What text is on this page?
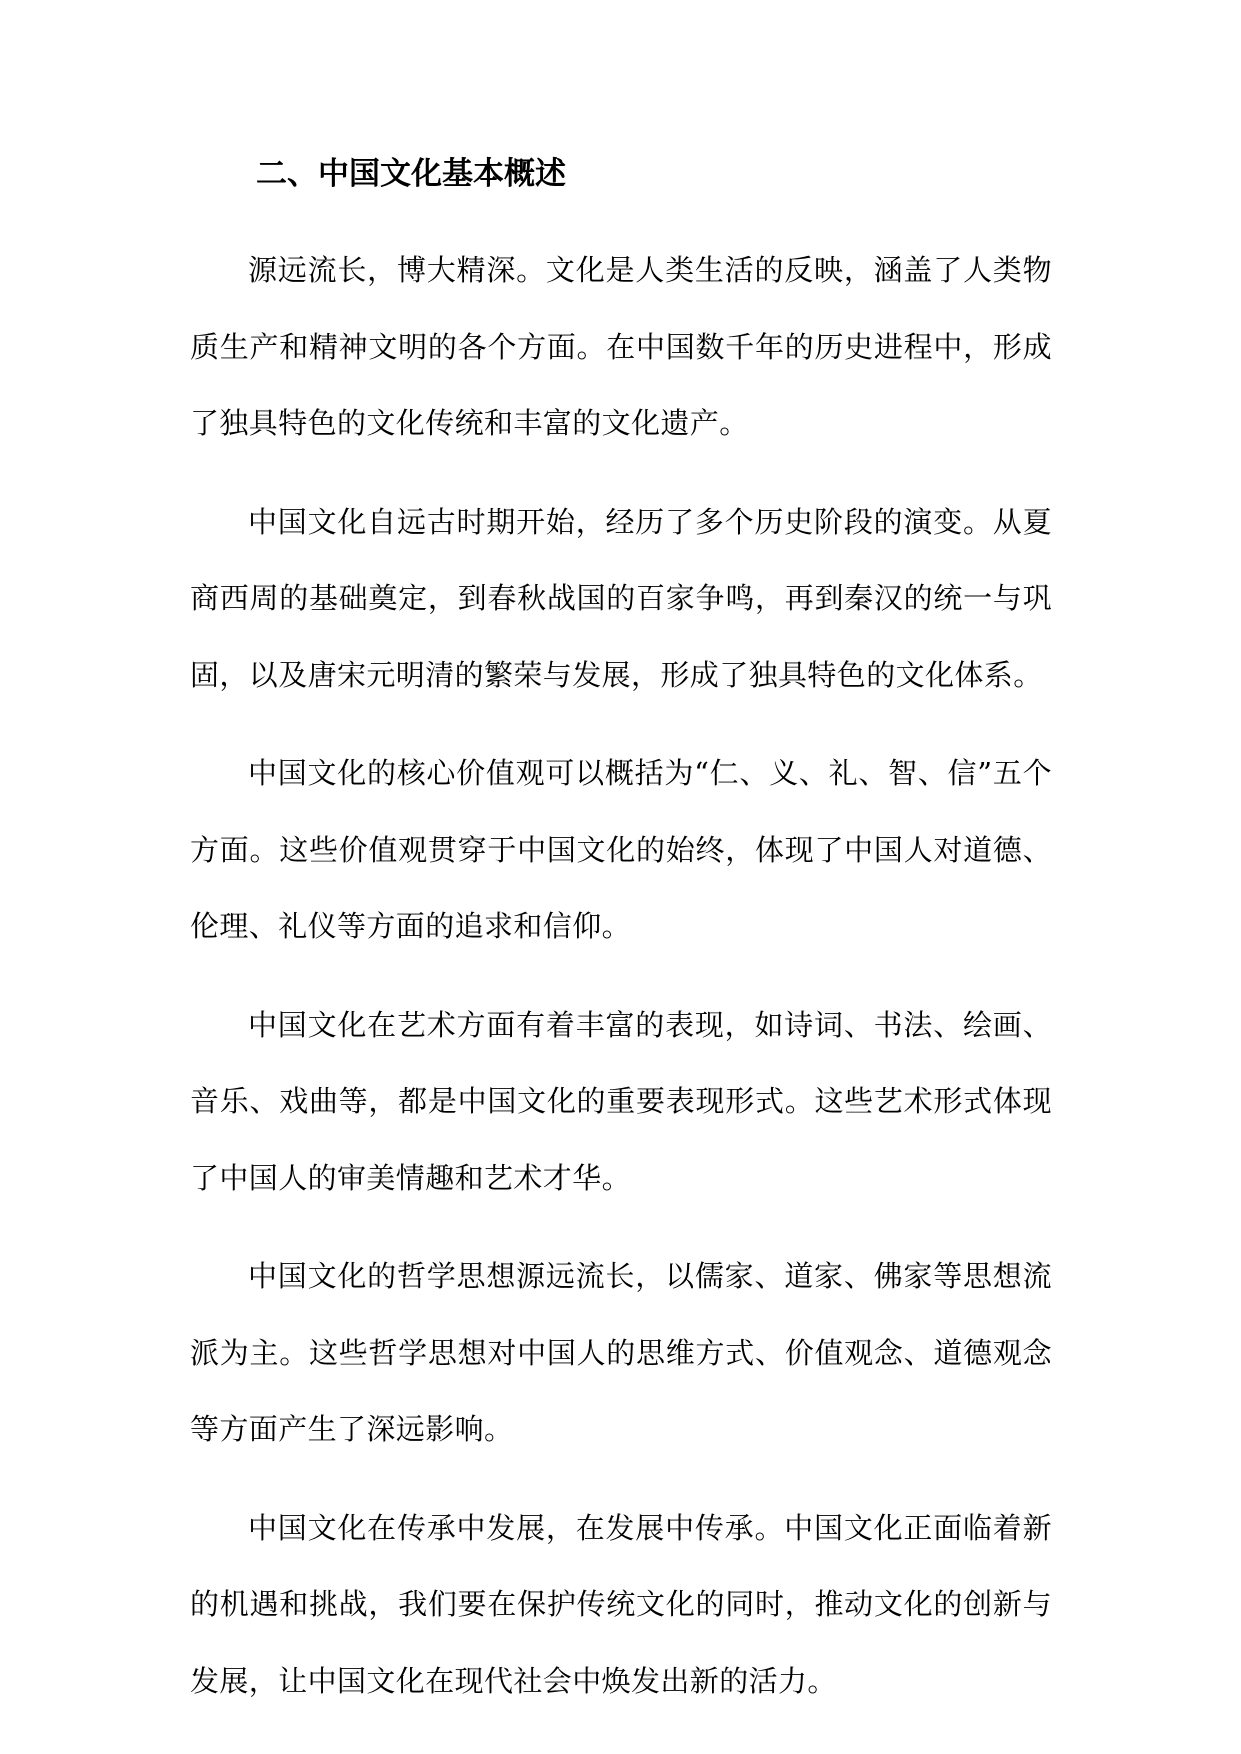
二、中国文化基本概述

源远流长，博大精深。文化是人类生活的反映，涵盖了人类物质生产和精神文明的各个方面。在中国数千年的历史进程中，形成了独具特色的文化传统和丰富的文化遗产。

中国文化自远古时期开始，经历了多个历史阶段的演变。从夏商西周的基础奠定，到春秋战国的百家争鸣，再到秦汉的统一与巩固，以及唐宋元明清的繁荣与发展，形成了独具特色的文化体系。

中国文化的核心价值观可以概括为“仁、义、礼、智、信”五个方面。这些价值观贯穿于中国文化的始终，体现了中国人对道德、伦理、礼仪等方面的追求和信仰。

中国文化在艺术方面有着丰富的表现，如诗词、书法、绘画、音乐、戏曲等，都是中国文化的重要表现形式。这些艺术形式体现了中国人的审美情趣和艺术才华。

中国文化的哲学思想源远流长，以儒家、道家、佛家等思想流派为主。这些哲学思想对中国人的思维方式、价值观念、道德观念等方面产生了深远影响。

中国文化在传承中发展，在发展中传承。中国文化正面临着新的机遇和挑战，我们要在保护传统文化的同时，推动文化的创新与发展，让中国文化在现代社会中焕发出新的活力。
